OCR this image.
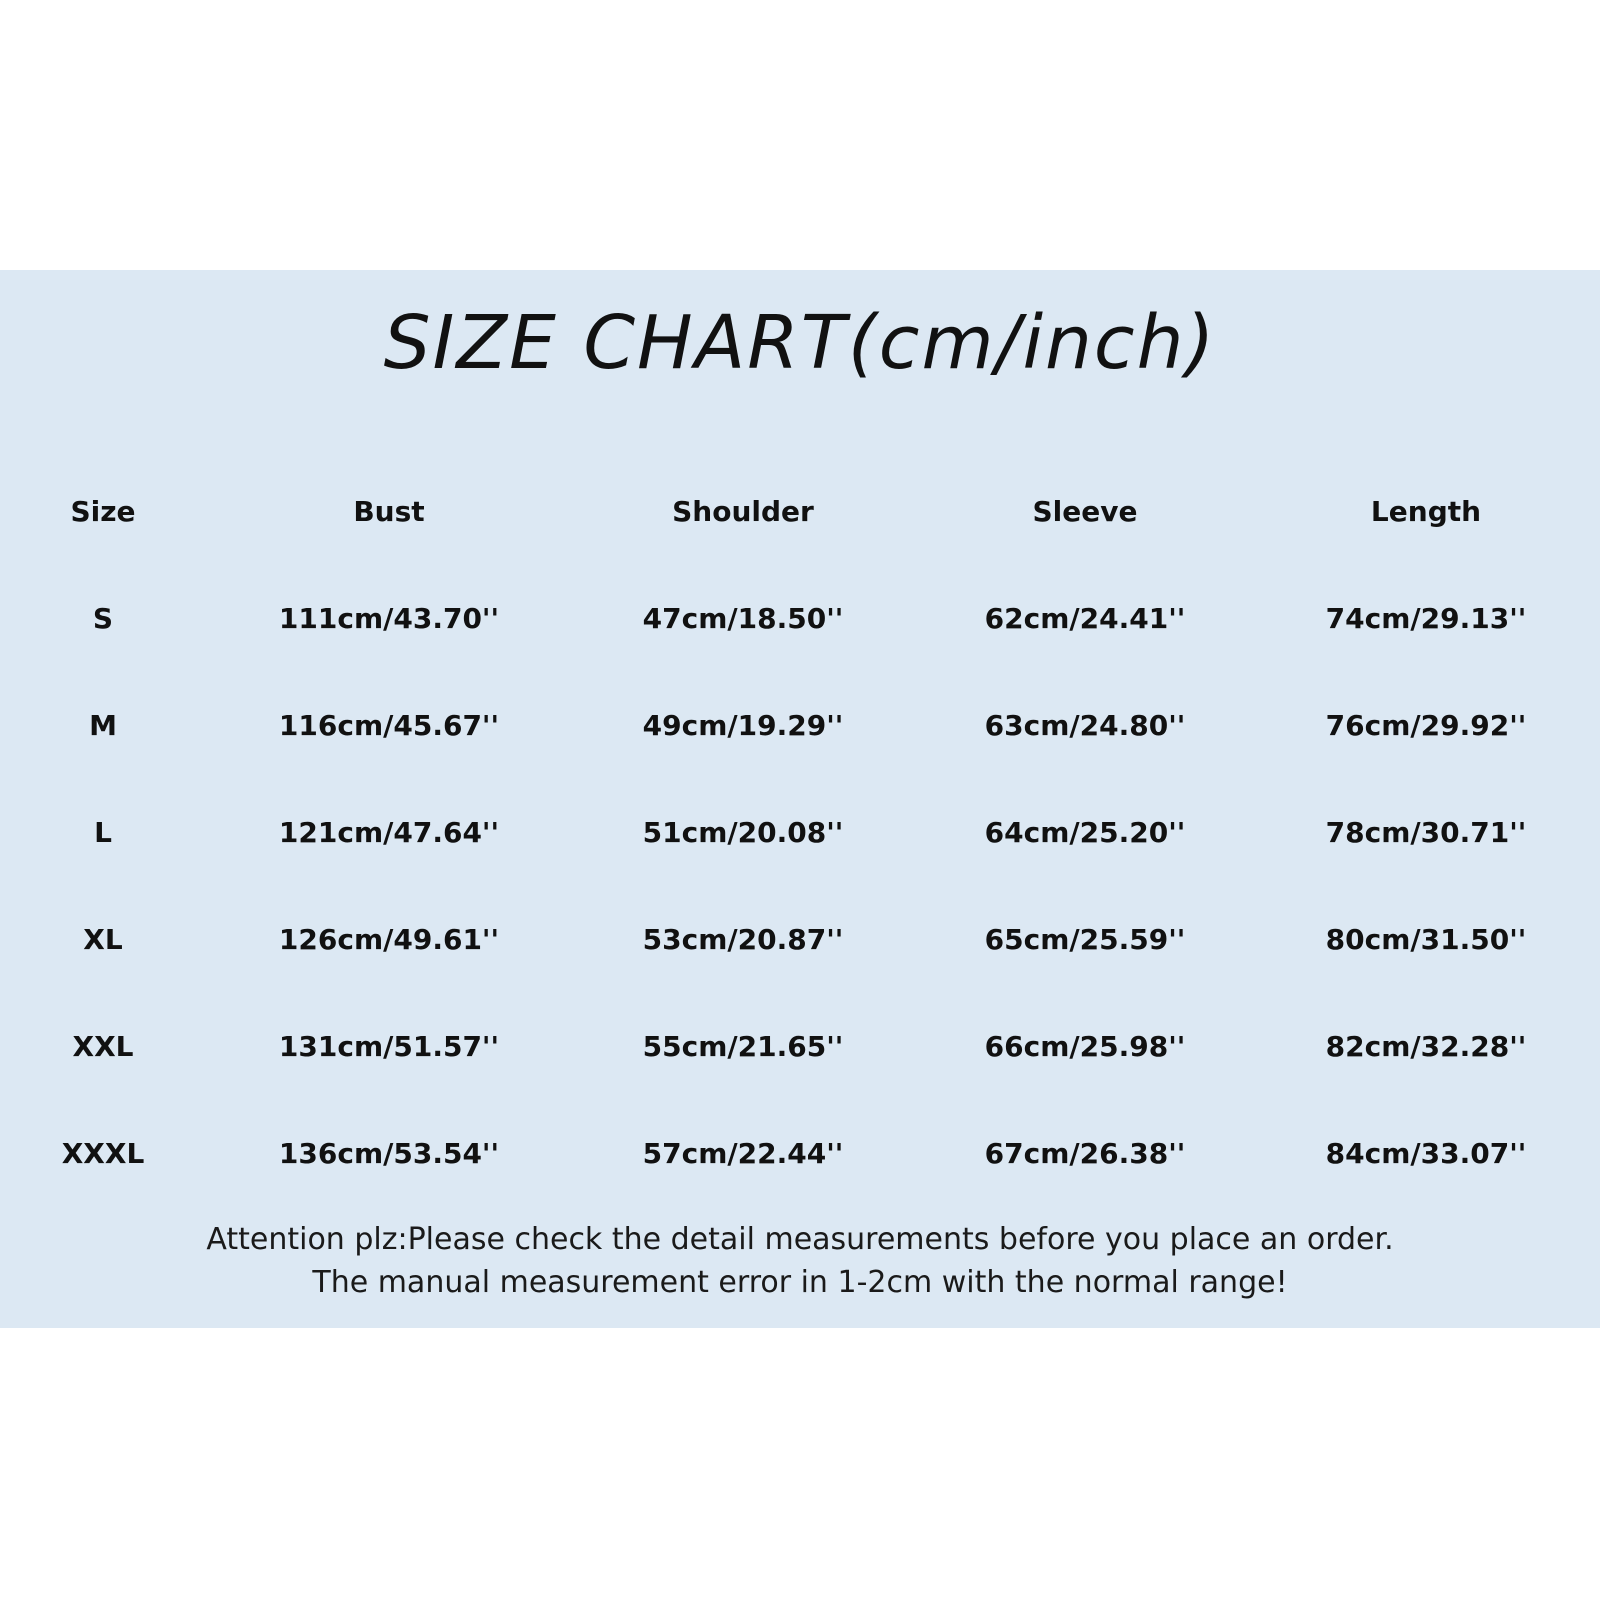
SIZE CHART(cm/inch)
Size	Bust	Shoulder	Sleeve	Length
S	111cm/43.70''	47cm/18.50''	62cm/24.41''	74cm/29.13''
M	116cm/45.67''	49cm/19.29''	63cm/24.80''	76cm/29.92''
L	121cm/47.64''	51cm/20.08''	64cm/25.20''	78cm/30.71''
XL	126cm/49.61''	53cm/20.87''	65cm/25.59''	80cm/31.50''
XXL	131cm/51.57''	55cm/21.65''	66cm/25.98''	82cm/32.28''
XXXL	136cm/53.54''	57cm/22.44''	67cm/26.38''	84cm/33.07''
Attention plz:Please check the detail measurements before you place an order.
The manual measurement error in 1-2cm with the normal range!
